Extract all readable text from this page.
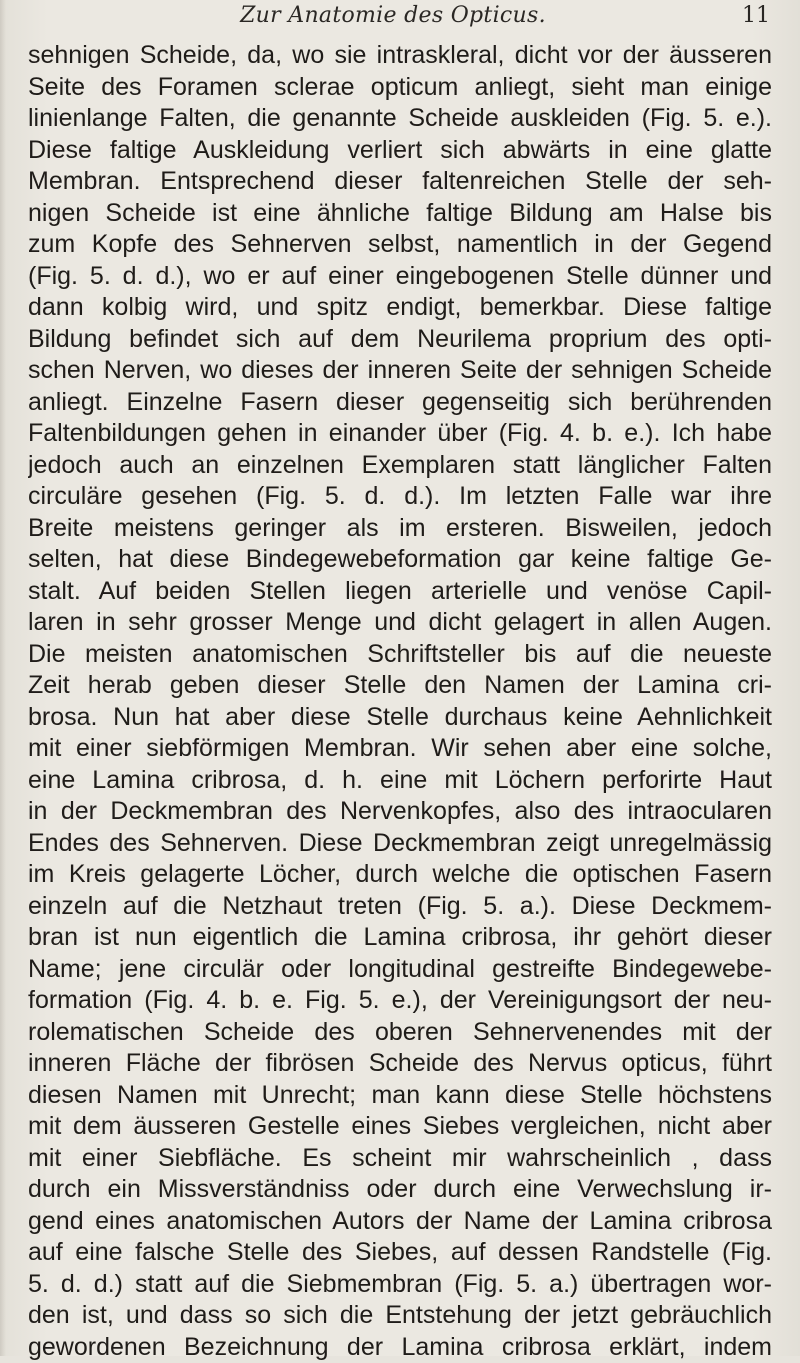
Zur Anatomie des Opticus.	11
sehnigen Scheide, da, wo sie intraskleral, dicht vor der äusseren
Seite des Foramen sclerae opticum anliegt, sieht man einige
linienlange Falten, die genannte Scheide auskleiden (Fig. 5. e.).
Diese faltige Auskleidung verliert sich abwärts in eine glatte
Membran. Entsprechend dieser faltenreichen Stelle der seh-
nigen Scheide ist eine ähnliche faltige Bildung am Halse bis
zum Kopfe des Sehnerven selbst, namentlich in der Gegend
(Fig. 5. d. d.), wo er auf einer eingebogenen Stelle dünner und
dann kolbig wird, und spitz endigt, bemerkbar. Diese faltige
Bildung befindet sich auf dem Neurilema proprium des opti-
schen Nerven, wo dieses der inneren Seite der sehnigen Scheide
anliegt. Einzelne Fasern dieser gegenseitig sich berührenden
Faltenbildungen gehen in einander über (Fig. 4. b. e.). Ich habe
jedoch auch an einzelnen Exemplaren statt länglicher Falten
circuläre gesehen (Fig. 5. d. d.). Im letzten Falle war ihre
Breite meistens geringer als im ersteren. Bisweilen, jedoch
selten, hat diese Bindegewebeformation gar keine faltige Ge-
stalt. Auf beiden Stellen liegen arterielle und venöse Capil-
laren in sehr grosser Menge und dicht gelagert in allen Augen.
Die meisten anatomischen Schriftsteller bis auf die neueste
Zeit herab geben dieser Stelle den Namen der Lamina cri-
brosa. Nun hat aber diese Stelle durchaus keine Aehnlichkeit
mit einer siebförmigen Membran. Wir sehen aber eine solche,
eine Lamina cribrosa, d. h. eine mit Löchern perforirte Haut
in der Deckmembran des Nervenkopfes, also des intraocularen
Endes des Sehnerven. Diese Deckmembran zeigt unregelmässig
im Kreis gelagerte Löcher, durch welche die optischen Fasern
einzeln auf die Netzhaut treten (Fig. 5. a.). Diese Deckmem-
bran ist nun eigentlich die Lamina cribrosa, ihr gehört dieser
Name; jene circulär oder longitudinal gestreifte Bindegewebe-
formation (Fig. 4. b. e. Fig. 5. e.), der Vereinigungsort der neu-
rolematischen Scheide des oberen Sehnervenendes mit der
inneren Fläche der fibrösen Scheide des Nervus opticus, führt
diesen Namen mit Unrecht; man kann diese Stelle höchstens
mit dem äusseren Gestelle eines Siebes vergleichen, nicht aber
mit einer Siebfläche. Es scheint mir wahrscheinlich , dass
durch ein Missverständniss oder durch eine Verwechslung ir-
gend eines anatomischen Autors der Name der Lamina cribrosa
auf eine falsche Stelle des Siebes, auf dessen Randstelle (Fig.
5. d. d.) statt auf die Siebmembran (Fig. 5. a.) übertragen wor-
den ist, und dass so sich die Entstehung der jetzt gebräuchlich
gewordenen Bezeichnung der Lamina cribrosa erklärt, indem
